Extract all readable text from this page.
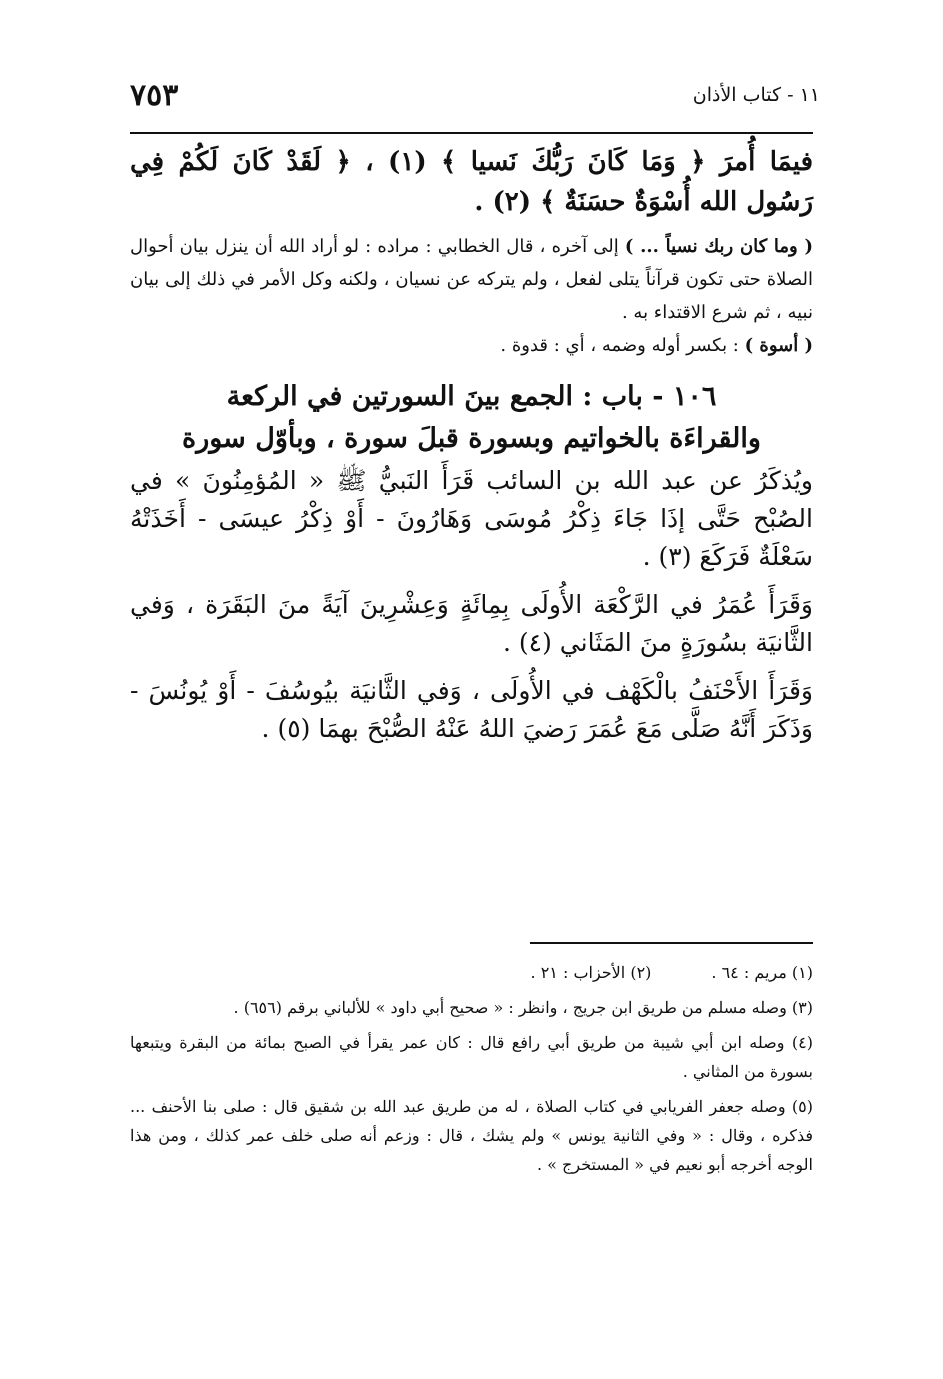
٧٥٣	١١ - كتاب الأذان

فيمَا أُمرَ ﴿ وَمَا كَانَ رَبُّكَ نَسيا ﴾ (١) ، ﴿ لَقَدْ كَانَ لَكُمْ فِي رَسُول الله أُسْوَةٌ حسَنَةٌ ﴾ (٢) .

( وما كان ربك نسياً ... ) إلى آخره ، قال الخطابي : مراده : لو أراد الله أن ينزل بيان أحوال الصلاة حتى تكون قرآناً يتلى لفعل ، ولم يتركه عن نسيان ، ولكنه وكل الأمر في ذلك إلى بيان نبيه ، ثم شرع الاقتداء به .

( أسوة ) : بكسر أوله وضمه ، أي : قدوة .

١٠٦ - باب : الجمع بينَ السورتين في الركعة
والقراءَة بالخواتيم وبسورة قبلَ سورة ، وبأوّل سورة

ويُذكَرُ عن عبد الله بن السائب قَرَأَ النَبيُّ ﷺ « المُؤمِنُونَ » في الصُبْح حَتَّى إذَا جَاءَ ذِكْرُ مُوسَى وَهَارُونَ - أَوْ ذِكْرُ عيسَى - أَخَذَتْهُ سَعْلَةٌ فَرَكَعَ (٣) .

وَقَرَأَ عُمَرُ في الرَّكْعَة الأُولَى بِمِائَةٍ وَعِشْرِينَ آيَةً منَ البَقَرَة ، وَفي الثَّانيَة بسُورَةٍ منَ المَثَاني (٤) .

وَقَرَأَ الأَحْنَفُ بالْكَهْف في الأُولَى ، وَفي الثَّانيَة بيُوسُفَ - أَوْ يُونُسَ - وَذَكَرَ أَنَّهُ صَلَّى مَعَ عُمَرَ رَضيَ اللهُ عَنْهُ الصُّبْحَ بهمَا (٥) .

(١) مريم : ٦٤ .
(٢) الأحزاب : ٢١ .

(٣) وصله مسلم من طريق ابن جريج ، وانظر : « صحيح أبي داود » للألباني برقم (٦٥٦) .

(٤) وصله ابن أبي شيبة من طريق أبي رافع قال : كان عمر يقرأ في الصبح بمائة من البقرة ويتبعها بسورة من المثاني .

(٥) وصله جعفر الفريابي في كتاب الصلاة ، له من طريق عبد الله بن شقيق قال : صلى بنا الأحنف ... فذكره ، وقال : « وفي الثانية يونس » ولم يشك ، قال : وزعم أنه صلى خلف عمر كذلك ، ومن هذا الوجه أخرجه أبو نعيم في « المستخرج » .
